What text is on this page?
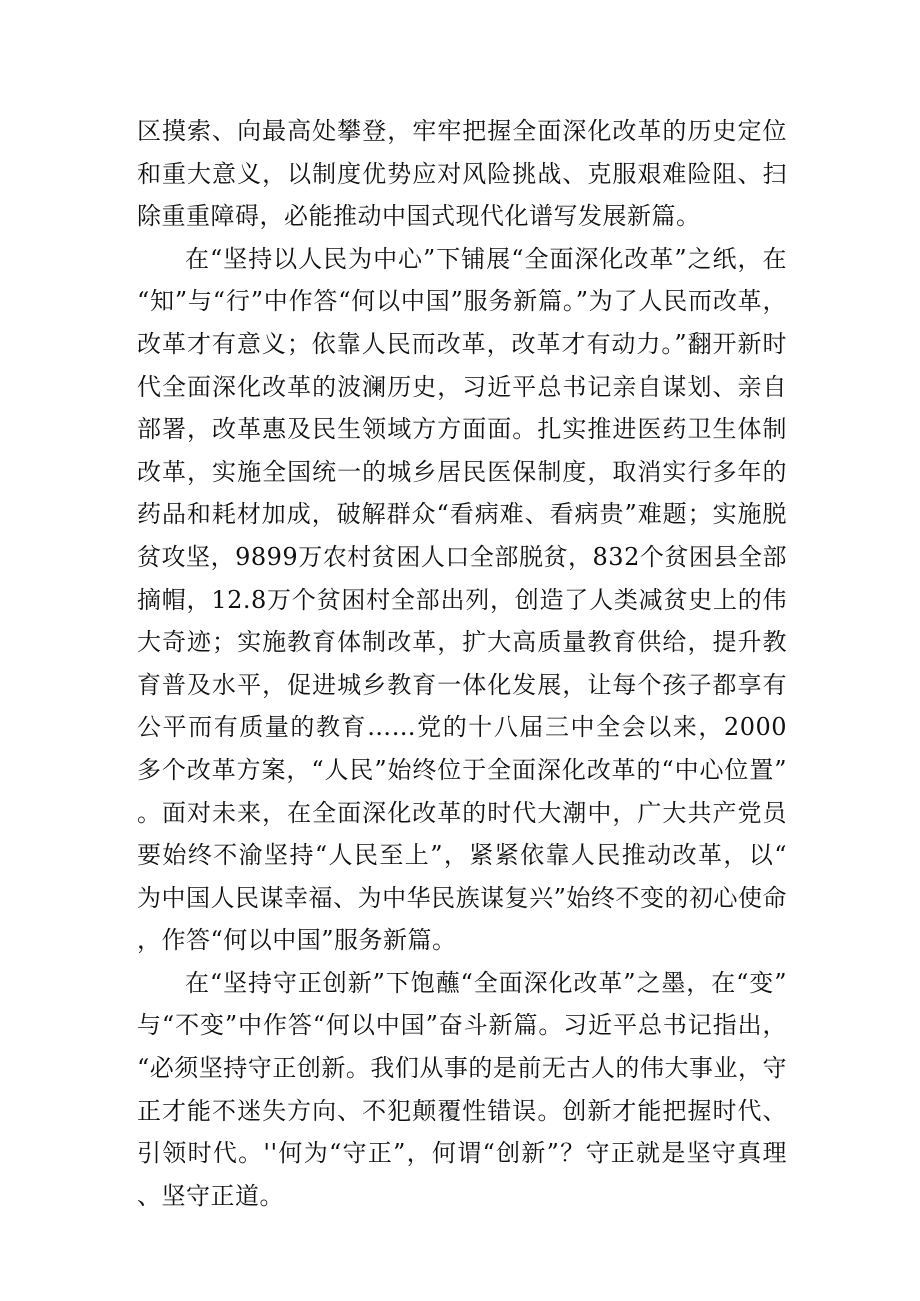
区摸索、向最高处攀登，牢牢把握全面深化改革的历史定位和重大意义，以制度优势应对风险挑战、克服艰难险阻、扫除重重障碍，必能推动中国式现代化谱写发展新篇。

在“坚持以人民为中心”下铺展“全面深化改革”之纸，在“知”与“行”中作答“何以中国”服务新篇。”为了人民而改革，改革才有意义；依靠人民而改革，改革才有动力。”翻开新时代全面深化改革的波澜历史，习近平总书记亲自谋划、亲自部署，改革惠及民生领域方方面面。扎实推进医药卫生体制改革，实施全国统一的城乡居民医保制度，取消实行多年的药品和耗材加成，破解群众“看病难、看病贵”难题；实施脱贫攻坚，9899万农村贫困人口全部脱贫，832个贫困县全部摘帽，12.8万个贫困村全部出列，创造了人类减贫史上的伟大奇迹；实施教育体制改革，扩大高质量教育供给，提升教育普及水平，促进城乡教育一体化发展，让每个孩子都享有公平而有质量的教育……党的十八届三中全会以来，2000多个改革方案，“人民”始终位于全面深化改革的“中心位置”。面对未来，在全面深化改革的时代大潮中，广大共产党员要始终不渝坚持“人民至上”，紧紧依靠人民推动改革，以“为中国人民谋幸福、为中华民族谋复兴”始终不变的初心使命，作答“何以中国”服务新篇。

在“坚持守正创新”下饱蘸“全面深化改革”之墨，在“变”与“不变”中作答“何以中国”奋斗新篇。习近平总书记指出，“必须坚持守正创新。我们从事的是前无古人的伟大事业，守正才能不迷失方向、不犯颠覆性错误。创新才能把握时代、引领时代。''何为“守正”，何谓“创新”？守正就是坚守真理、坚守正道。
